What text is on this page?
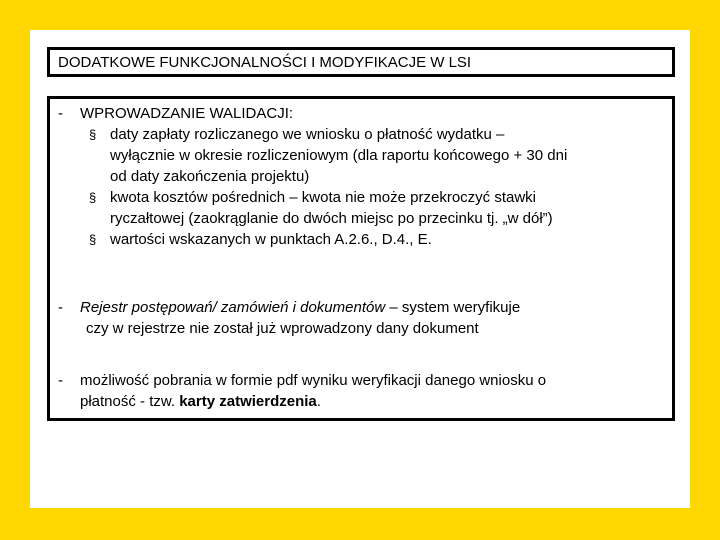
DODATKOWE FUNKCJONALNOŚCI I MODYFIKACJE W LSI
- WPROWADZANIE WALIDACJI:
§ daty zapłaty rozliczanego we wniosku o płatność wydatku –
wyłącznie w okresie rozliczeniowym (dla raportu końcowego + 30 dni
od daty zakończenia projektu)
§ kwota kosztów pośrednich – kwota nie może przekroczyć stawki
ryczałtowej (zaokrąglanie do dwóch miejsc po przecinku tj. „w dół”)
§ wartości wskazanych w punktach A.2.6., D.4., E.
- Rejestr postępowań/ zamówień i dokumentów – system weryfikuje
czy w rejestrze nie został już wprowadzony dany dokument
- możliwość pobrania w formie pdf wyniku weryfikacji danego wniosku o
płatność - tzw. karty zatwierdzenia.
